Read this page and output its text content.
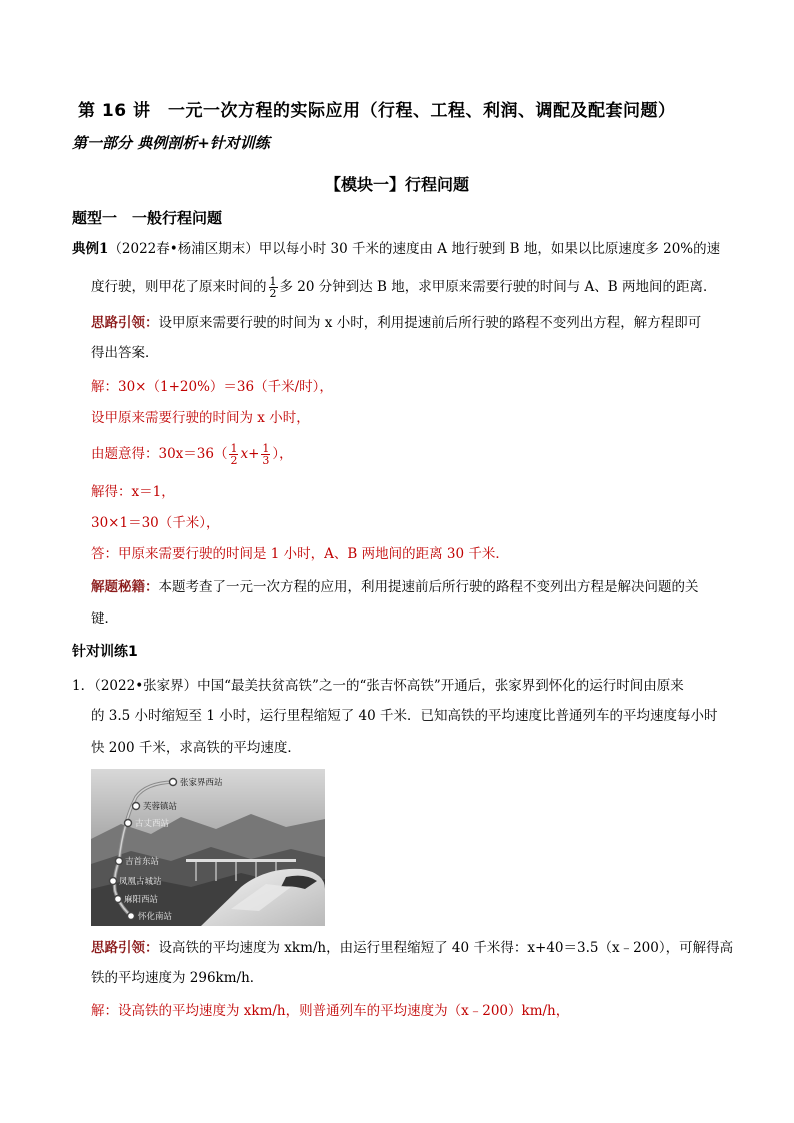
第 16 讲　一元一次方程的实际应用（行程、工程、利润、调配及配套问题）
第一部分 典例剖析+针对训练
【模块一】行程问题
题型一　一般行程问题
典例1（2022春•杨浦区期末）甲以每小时 30 千米的速度由 A 地行驶到 B 地，如果以比原速度多 20%的速
度行驶，则甲花了原来时间的 $\frac{1}{2}$ 多 20 分钟到达 B 地，求甲原来需要行驶的时间与 A、B 两地间的距离．
思路引领：设甲原来需要行驶的时间为 x 小时，利用提速前后所行驶的路程不变列出方程，解方程即可
得出答案．
解：30×（1+20%）＝36（千米/时），
设甲原来需要行驶的时间为 x 小时，
由题意得：$30x=36( \frac{1}{2} x+ \frac{1}{3}$ ），
解得：x＝1，
30×1＝30（千米），
答：甲原来需要行驶的时间是 1 小时，A、B 两地间的距离 30 千米．
解题秘籍：本题考查了一元一次方程的应用，利用提速前后所行驶的路程不变列出方程是解决问题的关
键．
针对训练1
1．（2022•张家界）中国“最美扶贫高铁”之一的“张吉怀高铁”开通后，张家界到怀化的运行时间由原来
的 3.5 小时缩短至 1 小时，运行里程缩短了 40 千米．已知高铁的平均速度比普通列车的平均速度每小时
快 200 千米，求高铁的平均速度．
张家界西站
芙蓉镇站
古丈西站
吉首东站
凤凰古城站
麻阳西站
怀化南站
思路引领：设高铁的平均速度为 xkm/h，由运行里程缩短了 40 千米得：x+40＝3.5（x﹣200），可解得高
铁的平均速度为 296km/h．
解：设高铁的平均速度为 xkm/h，则普通列车的平均速度为（x﹣200）km/h，
